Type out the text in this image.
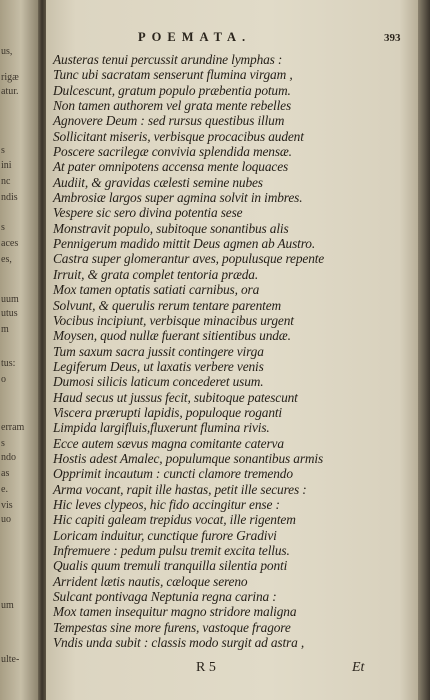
us,
rigæ
atur.
s
ini
nc
ndis
s
aces
es,
uum
utus
m
tus:
o
erram
s
ndo
as
e.
vis
uo
um
ulte-
POEMATA.	393
Austeras tenui percussit arundine lymphas :
Tunc ubi sacratam senserunt flumina virgam ,
Dulcescunt, gratum populo præbentia potum.
Non tamen authorem vel grata mente rebelles
Agnovere Deum : sed rursus questibus illum
Sollicitant miseris, verbisque procacibus audent
Poscere sacrilegæ convivia splendida mensæ.
At pater omnipotens accensa mente loquaces
Audiit, & gravidas cælesti semine nubes
Ambrosiæ largos super agmina solvit in imbres.
Vespere sic sero divina potentia sese
Monstravit populo, subitoque sonantibus alis
Pennigerum madido mittit Deus agmen ab Austro.
Castra super glomerantur aves, populusque repente
Irruit, & grata complet tentoria præda.
Mox tamen optatis satiati carnibus, ora
Solvunt, & querulis rerum tentare parentem
Vocibus incipiunt, verbisque minacibus urgent
Moysen, quod nullæ fuerant sitientibus undæ.
Tum saxum sacra jussit contingere virga
Legiferum Deus, ut laxatis verbere venis
Dumosi silicis laticum concederet usum.
Haud secus ut jussus fecit, subitoque patescunt
Viscera prærupti lapidis, populoque roganti
Limpida largifluis,fluxerunt flumina rivis.
Ecce autem sævus magna comitante caterva
Hostis adest Amalec, populumque sonantibus armis
Opprimit incautum : cuncti clamore tremendo
Arma vocant, rapit ille hastas, petit ille secures :
Hic leves clypeos, hic fido accingitur ense :
Hic capiti galeam trepidus vocat, ille rigentem
Loricam induitur, cunctique furore Gradivi
Infremuere : pedum pulsu tremit excita tellus.
Qualis quum tremuli tranquilla silentia ponti
Arrident lætis nautis, cæloque sereno
Sulcant pontivaga Neptunia regna carina :
Mox tamen insequitur magno stridore maligna
Tempestas sine more furens, vastoque fragore
Vndis unda subit : classis modo surgit ad astra ,
R 5	Et
